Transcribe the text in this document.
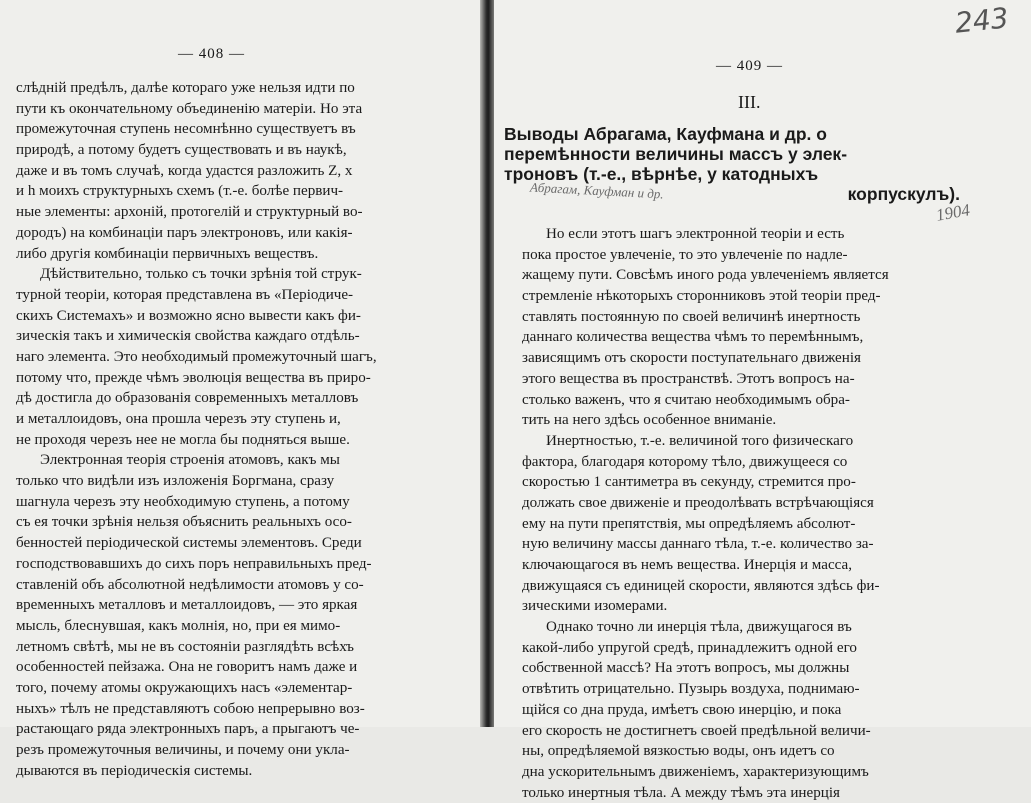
— 408 —
слѣдній предѣлъ, далѣе котораго уже нельзя идти по
пути къ окончательному объединенію матеріи. Но эта
промежуточная ступень несомнѣнно существуетъ въ
природѣ, а потому будетъ существовать и въ наукѣ,
даже и въ томъ случаѣ, когда удастся разложить Z, x
и h моихъ структурныхъ схемъ (т.-е. болѣе первич-
ные элементы: архоній, протогелій и структурный во-
дородъ) на комбинаціи паръ электроновъ, или какія-
либо другія комбинаціи первичныхъ веществъ.
Дѣйствительно, только съ точки зрѣнія той струк-
турной теоріи, которая представлена въ «Періодиче-
скихъ Системахъ» и возможно ясно вывести какъ фи-
зическія такъ и химическія свойства каждаго отдѣль-
наго элемента. Это необходимый промежуточный шагъ,
потому что, прежде чѣмъ эволюція вещества въ приро-
дѣ достигла до образованія современныхъ металловъ
и металлоидовъ, она прошла черезъ эту ступень и,
не проходя черезъ нее не могла бы подняться выше.
Электронная теорія строенія атомовъ, какъ мы
только что видѣли изъ изложенія Боргмана, сразу
шагнула черезъ эту необходимую ступень, а потому
съ ея точки зрѣнія нельзя объяснить реальныхъ осо-
бенностей періодической системы элементовъ. Среди
господствовавшихъ до сихъ поръ неправильныхъ пред-
ставленій объ абсолютной недѣлимости атомовъ у со-
временныхъ металловъ и металлоидовъ, — это яркая
мысль, блеснувшая, какъ молнія, но, при ея мимо-
летномъ свѣтѣ, мы не въ состояніи разглядѣть всѣхъ
особенностей пейзажа. Она не говоритъ намъ даже и
того, почему атомы окружающихъ насъ «элементар-
ныхъ» тѣлъ не представляютъ собою непрерывно воз-
растающаго ряда электронныхъ паръ, а прыгаютъ че-
резъ промежуточныя величины, и почему они укла-
дываются въ періодическія системы.
— 409 —
III.
Выводы Абрагама, Кауфмана и др. о
перемѣнности величины массъ у элек-
троновъ (т.-е., вѣрнѣе, у катодныхъ
корпускулъ).
Абрагам, Кауфман и др.
1904
Но если этотъ шагъ электронной теоріи и есть
пока простое увлеченіе, то это увлеченіе по надле-
жащему пути. Совсѣмъ иного рода увлеченіемъ является
стремленіе нѣкоторыхъ сторонниковъ этой теоріи пред-
ставлять постоянную по своей величинѣ инертность
даннаго количества вещества чѣмъ то перемѣннымъ,
зависящимъ отъ скорости поступательнаго движенія
этого вещества въ пространствѣ. Этотъ вопросъ на-
столько важенъ, что я считаю необходимымъ обра-
тить на него здѣсь особенное вниманіе.
Инертностью, т.-е. величиной того физическаго
фактора, благодаря которому тѣло, движущееся со
скоростью 1 сантиметра въ секунду, стремится про-
должать свое движеніе и преодолѣвать встрѣчающіяся
ему на пути препятствія, мы опредѣляемъ абсолют-
ную величину массы даннаго тѣла, т.-е. количество за-
ключающагося въ немъ вещества. Инерція и масса,
движущаяся съ единицей скорости, являются здѣсь фи-
зическими изомерами.
Однако точно ли инерція тѣла, движущагося въ
какой-либо упругой средѣ, принадлежитъ одной его
собственной массѣ? На этотъ вопросъ, мы должны
отвѣтить отрицательно. Пузырь воздуха, поднимаю-
щійся со дна пруда, имѣетъ свою инерцію, и пока
его скорость не достигнетъ своей предѣльной величи-
ны, опредѣляемой вязкостью воды, онъ идетъ со
дна ускорительнымъ движеніемъ, характеризующимъ
только инертныя тѣла. А между тѣмъ эта инерція
243
